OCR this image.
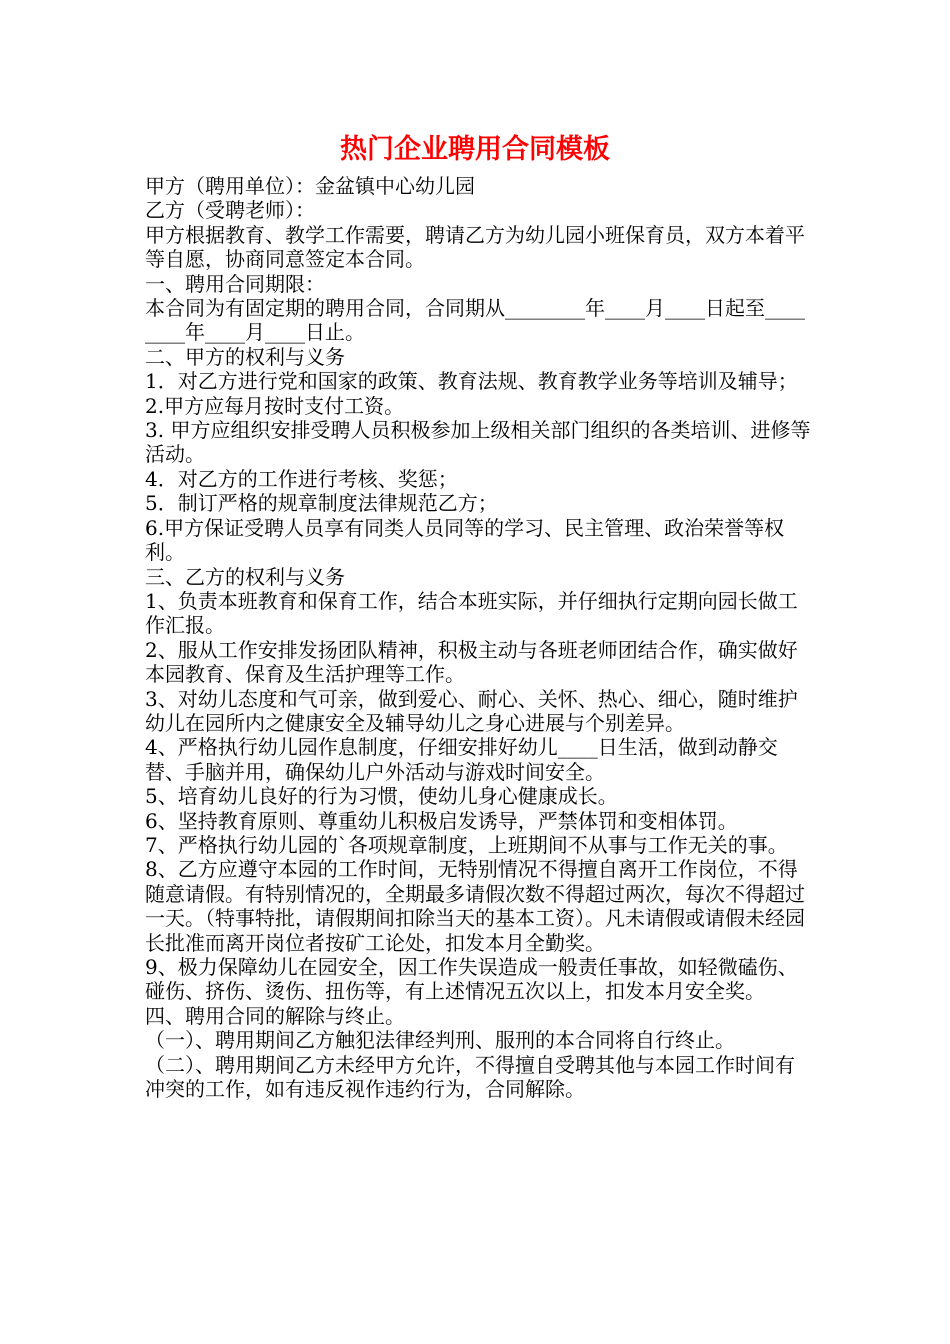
热门企业聘用合同模板

甲方（聘用单位）：金盆镇中心幼儿园

乙方（受聘老师）：

甲方根据教育、教学工作需要，聘请乙方为幼儿园小班保育员，双方本着平等自愿，协商同意签定本合同。

一、聘用合同期限：

本合同为有固定期的聘用合同，合同期从________年____月____日起至________年____月____日止。

二、甲方的权利与义务

1．对乙方进行党和国家的政策、教育法规、教育教学业务等培训及辅导；

2.甲方应每月按时支付工资。

3. 甲方应组织安排受聘人员积极参加上级相关部门组织的各类培训、进修等活动。

4．对乙方的工作进行考核、奖惩；

5．制订严格的规章制度法律规范乙方；

6.甲方保证受聘人员享有同类人员同等的学习、民主管理、政治荣誉等权利。

三、乙方的权利与义务

1、负责本班教育和保育工作，结合本班实际，并仔细执行定期向园长做工作汇报。

2、服从工作安排发扬团队精神，积极主动与各班老师团结合作，确实做好本园教育、保育及生活护理等工作。

3、对幼儿态度和气可亲，做到爱心、耐心、关怀、热心、细心，随时维护幼儿在园所内之健康安全及辅导幼儿之身心进展与个别差异。

4、严格执行幼儿园作息制度，仔细安排好幼儿____日生活，做到动静交替、手脑并用，确保幼儿户外活动与游戏时间安全。

5、培育幼儿良好的行为习惯，使幼儿身心健康成长。

6、坚持教育原则、尊重幼儿积极启发诱导，严禁体罚和变相体罚。

7、严格执行幼儿园的`各项规章制度，上班期间不从事与工作无关的事。

8、乙方应遵守本园的工作时间，无特别情况不得擅自离开工作岗位，不得随意请假。有特别情况的，全期最多请假次数不得超过两次，每次不得超过一天。（特事特批，请假期间扣除当天的基本工资）。凡未请假或请假未经园长批准而离开岗位者按矿工论处，扣发本月全勤奖。

9、极力保障幼儿在园安全，因工作失误造成一般责任事故，如轻微磕伤、碰伤、挤伤、烫伤、扭伤等，有上述情况五次以上，扣发本月安全奖。

四、聘用合同的解除与终止。

（一）、聘用期间乙方触犯法律经判刑、服刑的本合同将自行终止。

（二）、聘用期间乙方未经甲方允许，不得擅自受聘其他与本园工作时间有冲突的工作，如有违反视作违约行为，合同解除。
